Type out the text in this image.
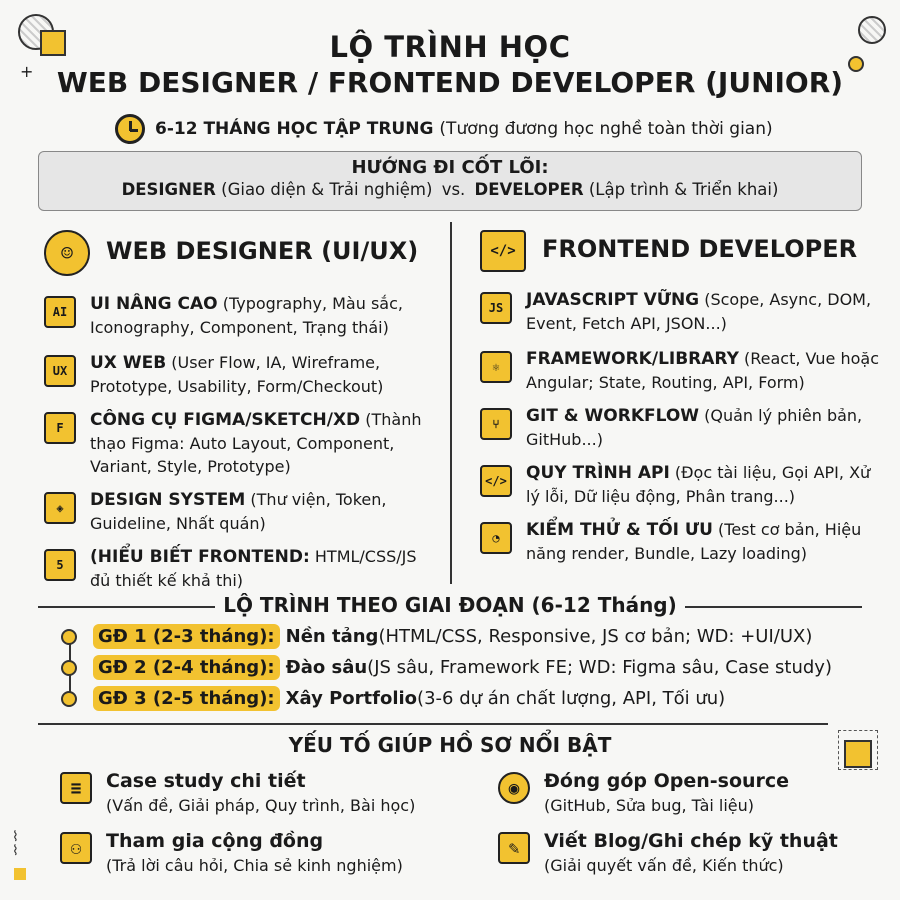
+
⌇
⌇
LỘ TRÌNH HỌC
WEB DESIGNER / FRONTEND DEVELOPER (JUNIOR)
6-12 THÁNG HỌC TẬP TRUNG (Tương đương học nghề toàn thời gian)
HƯỚNG ĐI CỐT LÕI:
DESIGNER (Giao diện & Trải nghiệm) vs. DEVELOPER (Lập trình & Triển khai)
☺	WEB DESIGNER (UI/UX)
AI	UI NÂNG CAO (Typography, Màu sắc, Iconography, Component, Trạng thái)
UX	UX WEB (User Flow, IA, Wireframe, Prototype, Usability, Form/Checkout)
F	CÔNG CỤ FIGMA/SKETCH/XD (Thành thạo Figma: Auto Layout, Component, Variant, Style, Prototype)
◈	DESIGN SYSTEM (Thư viện, Token, Guideline, Nhất quán)
5	(HIỂU BIẾT FRONTEND: HTML/CSS/JS đủ thiết kế khả thi)
</>	FRONTEND DEVELOPER
JS	JAVASCRIPT VỮNG (Scope, Async, DOM, Event, Fetch API, JSON...)
⚛	FRAMEWORK/LIBRARY (React, Vue hoặc Angular; State, Routing, API, Form)
⑂	GIT & WORKFLOW (Quản lý phiên bản, GitHub...)
</>	QUY TRÌNH API (Đọc tài liệu, Gọi API, Xử lý lỗi, Dữ liệu động, Phân trang...)
◔	KIỂM THỬ & TỐI ƯU (Test cơ bản, Hiệu năng render, Bundle, Lazy loading)
LỘ TRÌNH THEO GIAI ĐOẠN (6-12 Tháng)
GĐ 1 (2-3 tháng): Nền tảng (HTML/CSS, Responsive, JS cơ bản; WD: +UI/UX)
GĐ 2 (2-4 tháng): Đào sâu (JS sâu, Framework FE; WD: Figma sâu, Case study)
GĐ 3 (2-5 tháng): Xây Portfolio (3-6 dự án chất lượng, API, Tối ưu)
YẾU TỐ GIÚP HỒ SƠ NỔI BẬT
≡	Case study chi tiết
(Vấn đề, Giải pháp, Quy trình, Bài học)
◉	Đóng góp Open-source
(GitHub, Sửa bug, Tài liệu)
⚇	Tham gia cộng đồng
(Trả lời câu hỏi, Chia sẻ kinh nghiệm)
✎	Viết Blog/Ghi chép kỹ thuật
(Giải quyết vấn đề, Kiến thức)
